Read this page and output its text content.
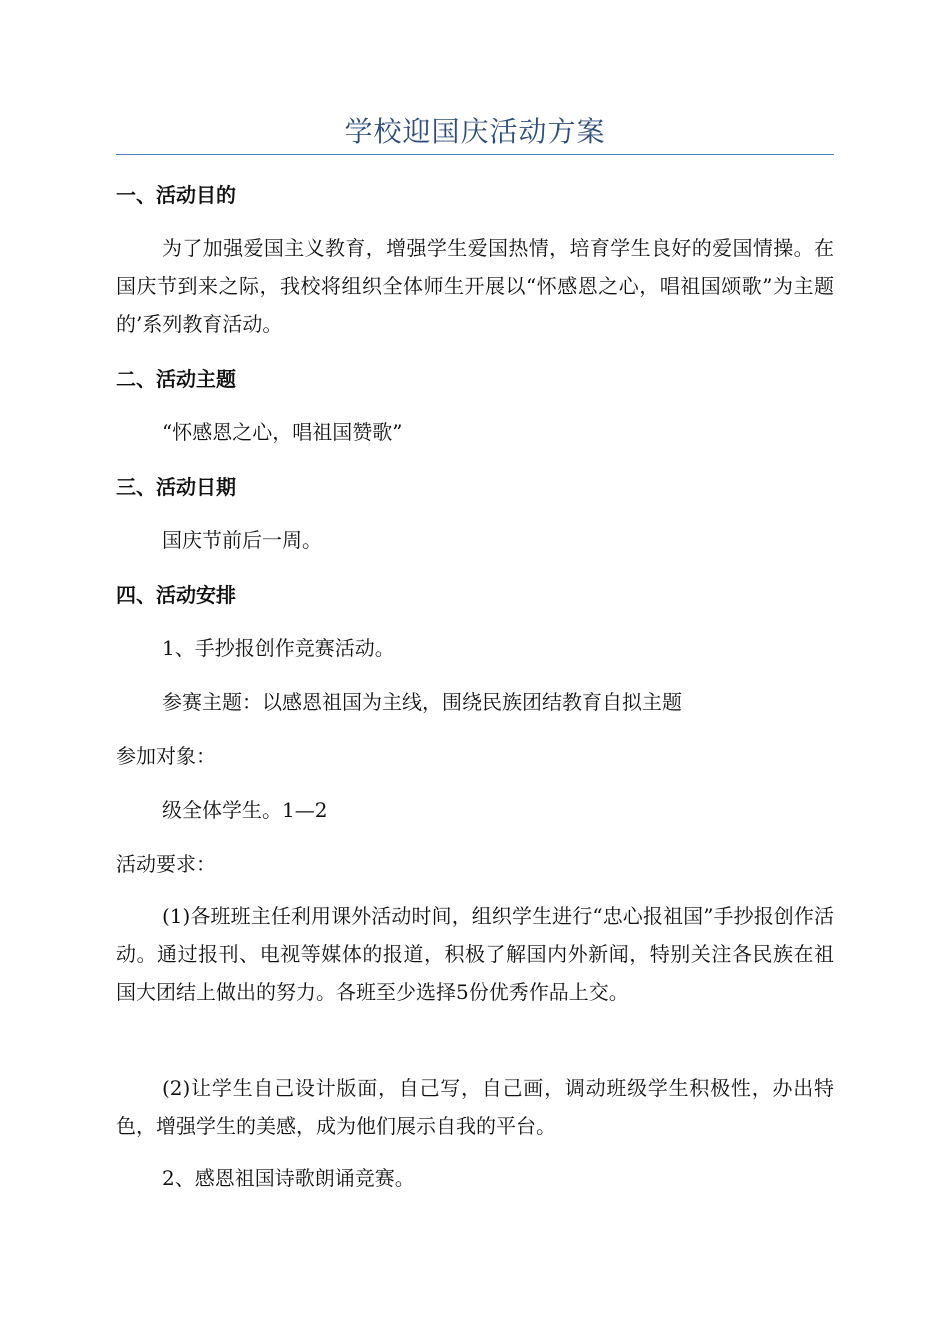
学校迎国庆活动方案
一、活动目的
为了加强爱国主义教育，增强学生爱国热情，培育学生良好的爱国情操。在国庆节到来之际，我校将组织全体师生开展以“怀感恩之心，唱祖国颂歌”为主题的’系列教育活动。
二、活动主题
“怀感恩之心，唱祖国赞歌”
三、活动日期
国庆节前后一周。
四、活动安排
1、手抄报创作竞赛活动。
参赛主题：以感恩祖国为主线，围绕民族团结教育自拟主题
参加对象：
级全体学生。1—2
活动要求：
(1)各班班主任利用课外活动时间，组织学生进行“忠心报祖国”手抄报创作活动。通过报刊、电视等媒体的报道，积极了解国内外新闻，特别关注各民族在祖国大团结上做出的努力。各班至少选择5份优秀作品上交。
(2)让学生自己设计版面，自己写，自己画，调动班级学生积极性，办出特色，增强学生的美感，成为他们展示自我的平台。
2、感恩祖国诗歌朗诵竞赛。
